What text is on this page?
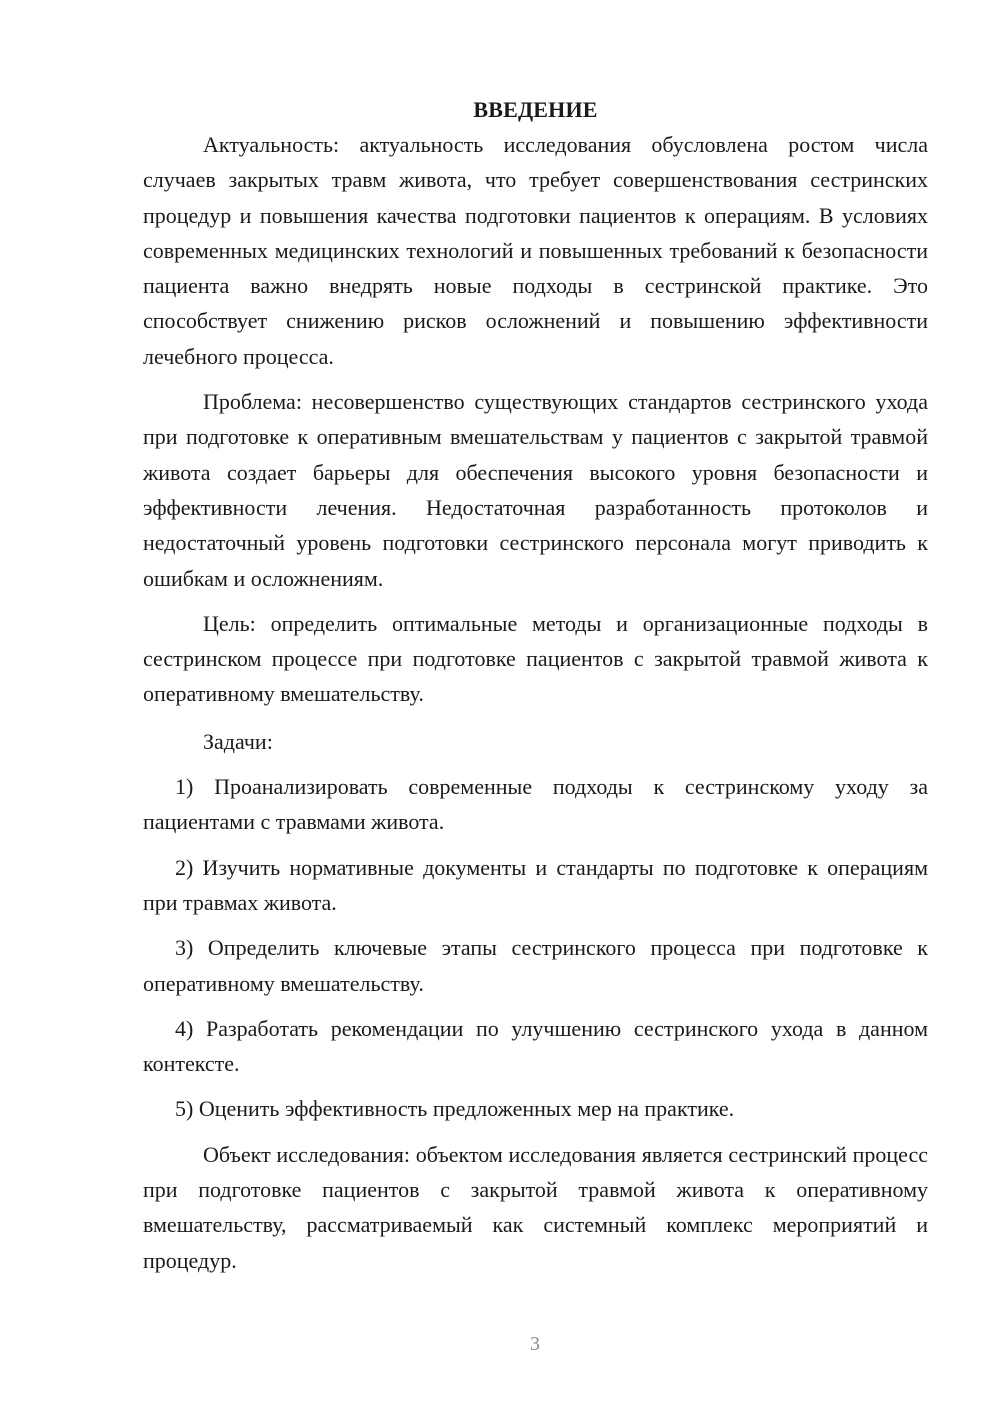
ВВЕДЕНИЕ

Актуальность: актуальность исследования обусловлена ростом числа случаев закрытых травм живота, что требует совершенствования сестринских процедур и повышения качества подготовки пациентов к операциям. В условиях современных медицинских технологий и повышенных требований к безопасности пациента важно внедрять новые подходы в сестринской практике. Это способствует снижению рисков осложнений и повышению эффективности лечебного процесса.

Проблема: несовершенство существующих стандартов сестринского ухода при подготовке к оперативным вмешательствам у пациентов с закрытой травмой живота создает барьеры для обеспечения высокого уровня безопасности и эффективности лечения. Недостаточная разработанность протоколов и недостаточный уровень подготовки сестринского персонала могут приводить к ошибкам и осложнениям.

Цель: определить оптимальные методы и организационные подходы в сестринском процессе при подготовке пациентов с закрытой травмой живота к оперативному вмешательству.

Задачи:

1) Проанализировать современные подходы к сестринскому уходу за пациентами с травмами живота.

2) Изучить нормативные документы и стандарты по подготовке к операциям при травмах живота.

3) Определить ключевые этапы сестринского процесса при подготовке к оперативному вмешательству.

4) Разработать рекомендации по улучшению сестринского ухода в данном контексте.

5) Оценить эффективность предложенных мер на практике.

Объект исследования: объектом исследования является сестринский процесс при подготовке пациентов с закрытой травмой живота к оперативному вмешательству, рассматриваемый как системный комплекс мероприятий и процедур.

3
